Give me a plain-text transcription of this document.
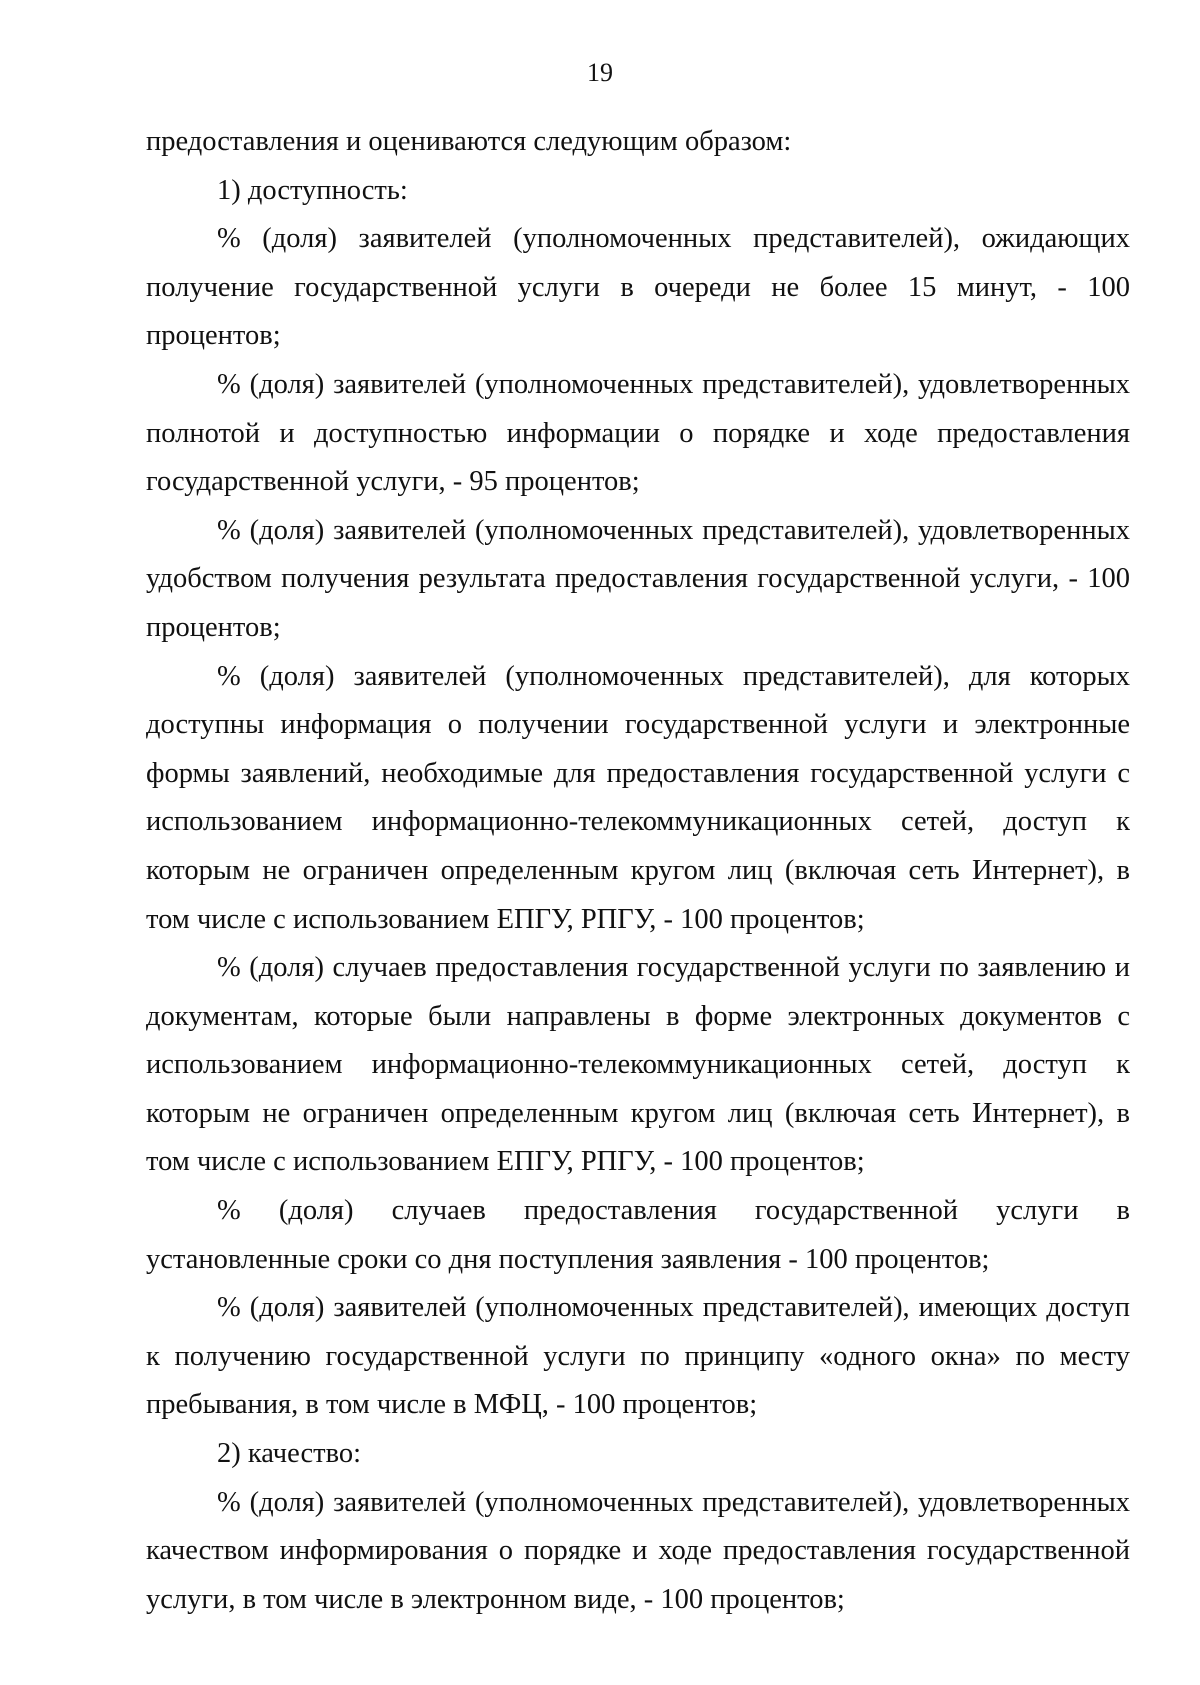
19

предоставления и оцениваются следующим образом:

1) доступность:

% (доля) заявителей (уполномоченных представителей), ожидающих получение государственной услуги в очереди не более 15 минут, - 100 процентов;

% (доля) заявителей (уполномоченных представителей), удовлетворенных полнотой и доступностью информации о порядке и ходе предоставления государственной услуги, - 95 процентов;

% (доля) заявителей (уполномоченных представителей), удовлетворенных удобством получения результата предоставления государственной услуги, - 100 процентов;

% (доля) заявителей (уполномоченных представителей), для которых доступны информация о получении государственной услуги и электронные формы заявлений, необходимые для предоставления государственной услуги с использованием информационно-телекоммуникационных сетей, доступ к которым не ограничен определенным кругом лиц (включая сеть Интернет), в том числе с использованием ЕПГУ, РПГУ, - 100 процентов;

% (доля) случаев предоставления государственной услуги по заявлению и документам, которые были направлены в форме электронных документов с использованием информационно-телекоммуникационных сетей, доступ к которым не ограничен определенным кругом лиц (включая сеть Интернет), в том числе с использованием ЕПГУ, РПГУ, - 100 процентов;

% (доля) случаев предоставления государственной услуги в установленные сроки со дня поступления заявления - 100 процентов;

% (доля) заявителей (уполномоченных представителей), имеющих доступ к получению государственной услуги по принципу «одного окна» по месту пребывания, в том числе в МФЦ, - 100 процентов;

2) качество:

% (доля) заявителей (уполномоченных представителей), удовлетворенных качеством информирования о порядке и ходе предоставления государственной услуги, в том числе в электронном виде, - 100 процентов;
